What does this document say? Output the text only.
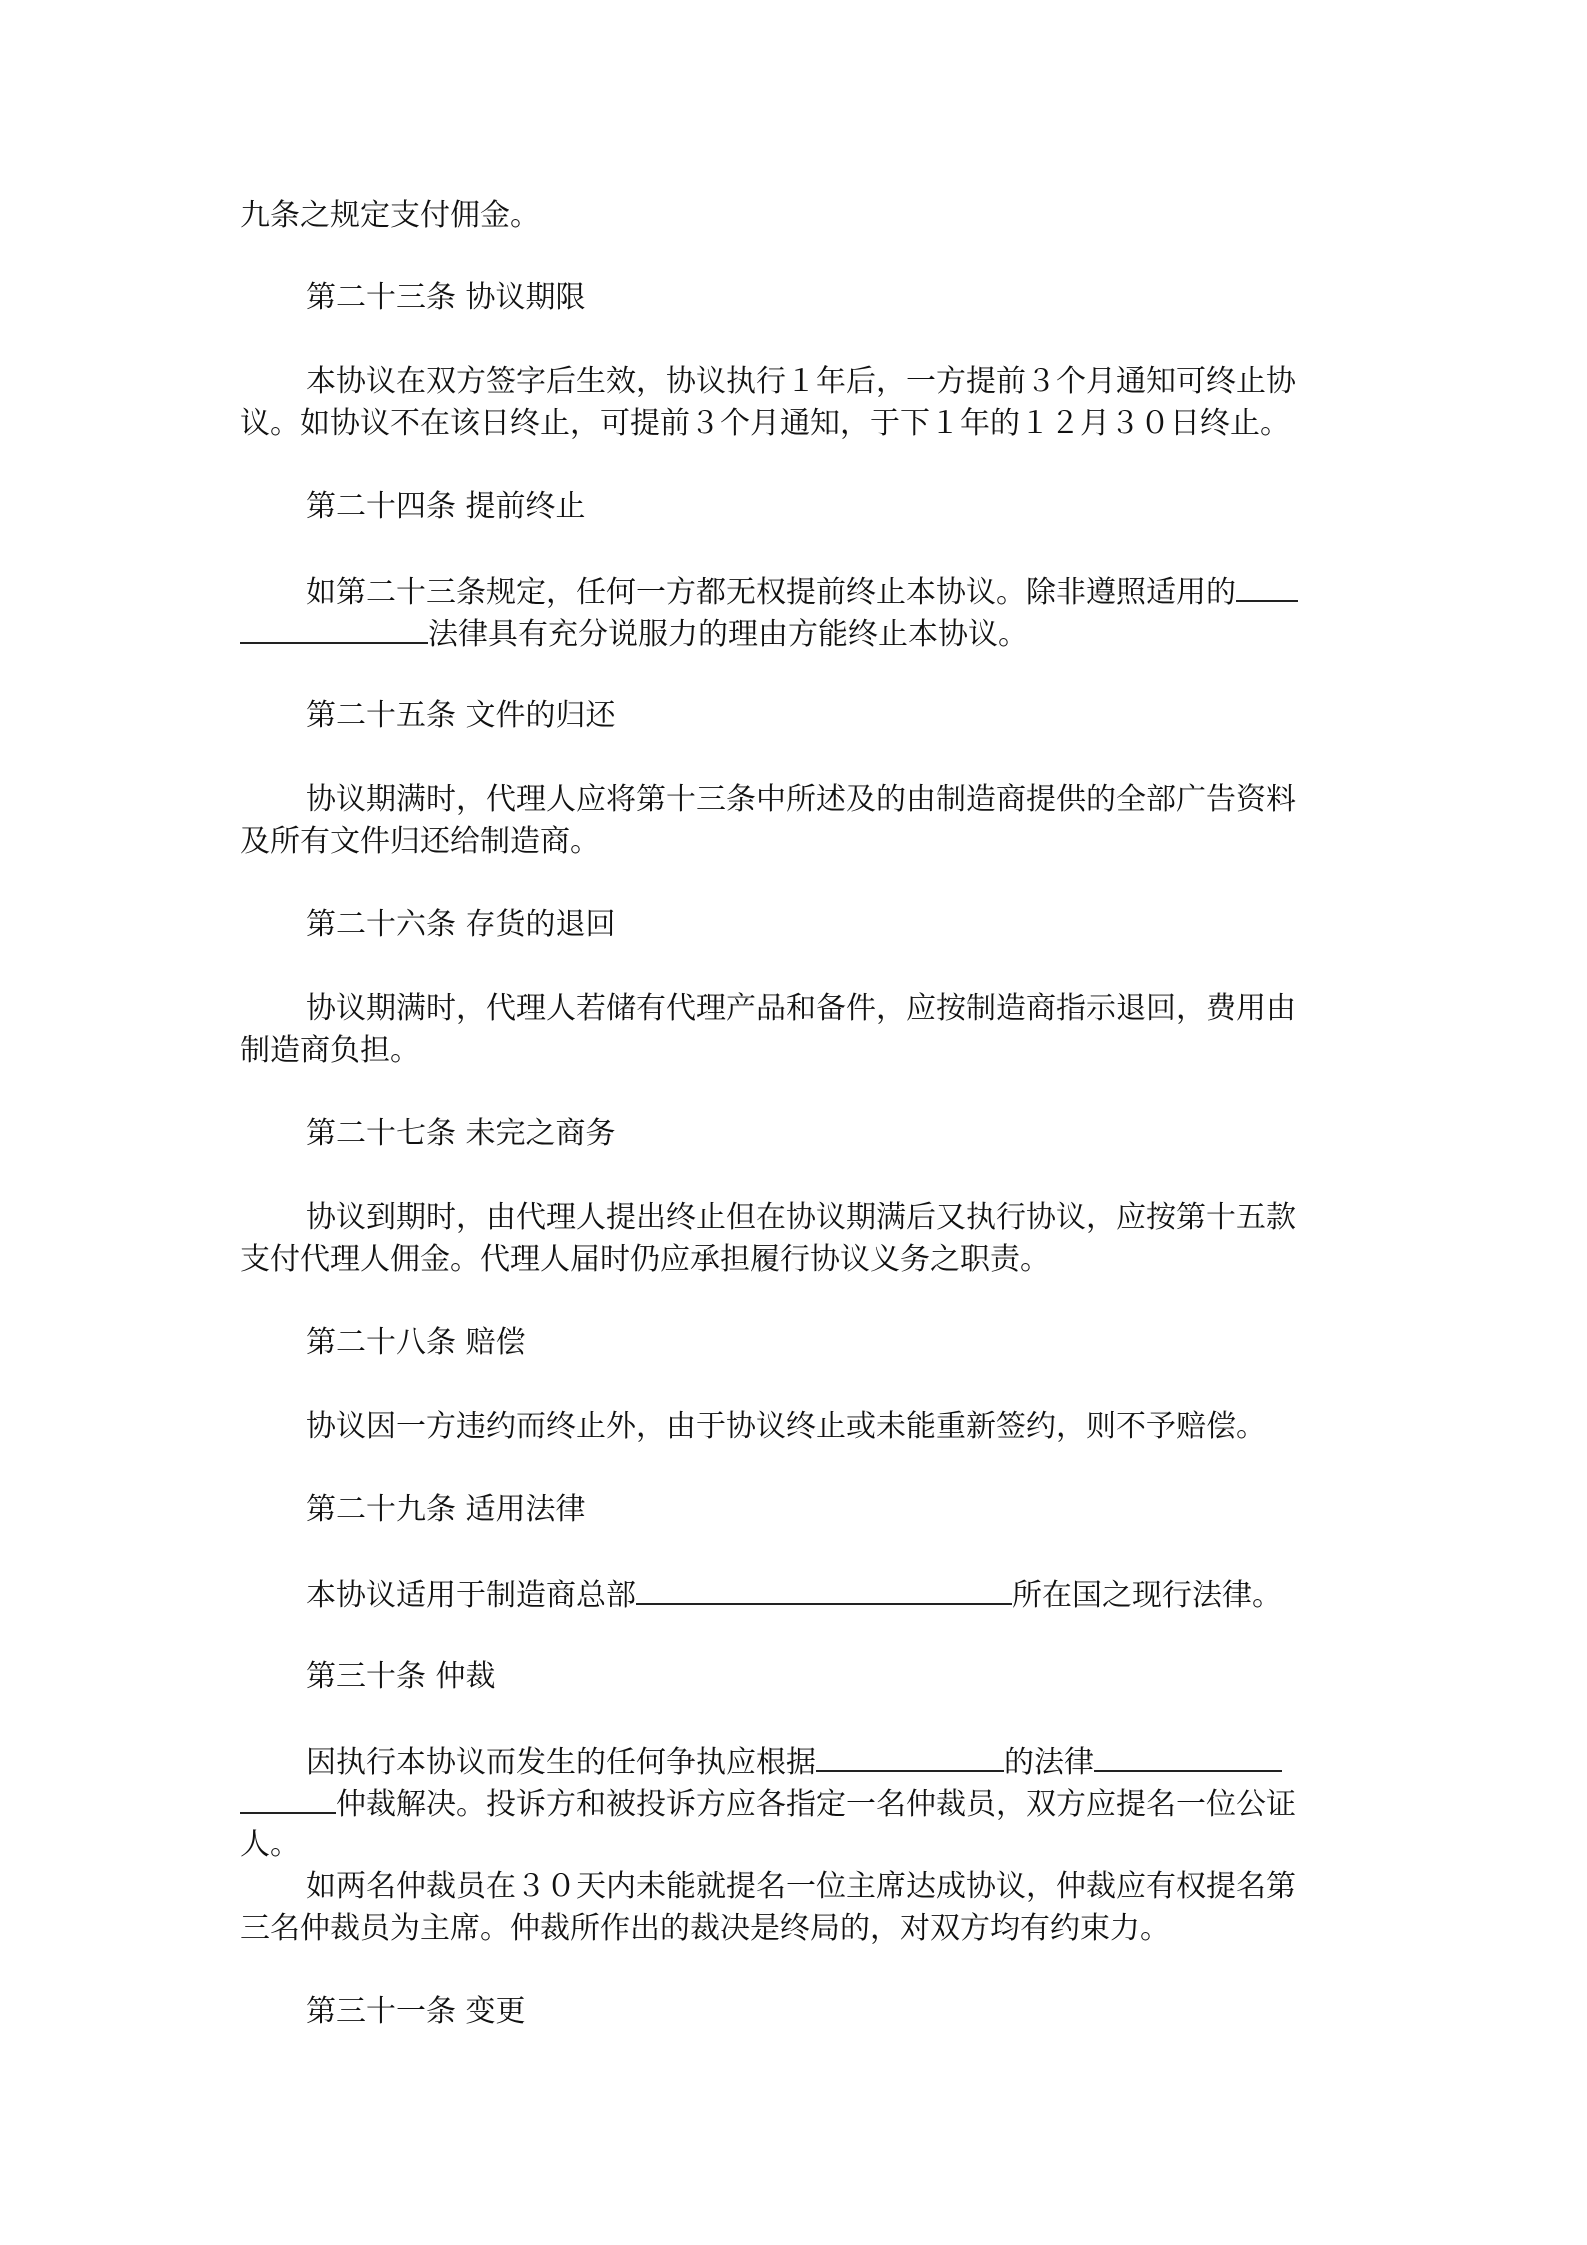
九条之规定支付佣金。
第二十三条 协议期限
本协议在双方签字后生效，协议执行１年后，一方提前３个月通知可终止协
议。如协议不在该日终止，可提前３个月通知，于下１年的１２月３０日终止。
第二十四条 提前终止
如第二十三条规定，任何一方都无权提前终止本协议。除非遵照适用的
法律具有充分说服力的理由方能终止本协议。
第二十五条 文件的归还
协议期满时，代理人应将第十三条中所述及的由制造商提供的全部广告资料
及所有文件归还给制造商。
第二十六条 存货的退回
协议期满时，代理人若储有代理产品和备件，应按制造商指示退回，费用由
制造商负担。
第二十七条 未完之商务
协议到期时，由代理人提出终止但在协议期满后又执行协议，应按第十五款
支付代理人佣金。代理人届时仍应承担履行协议义务之职责。
第二十八条 赔偿
协议因一方违约而终止外，由于协议终止或未能重新签约，则不予赔偿。
第二十九条 适用法律
本协议适用于制造商总部	所在国之现行法律。
第三十条 仲裁
因执行本协议而发生的任何争执应根据	的法律
仲裁解决。投诉方和被投诉方应各指定一名仲裁员，双方应提名一位公证
人。
如两名仲裁员在３０天内未能就提名一位主席达成协议，仲裁应有权提名第
三名仲裁员为主席。仲裁所作出的裁决是终局的，对双方均有约束力。
第三十一条 变更
